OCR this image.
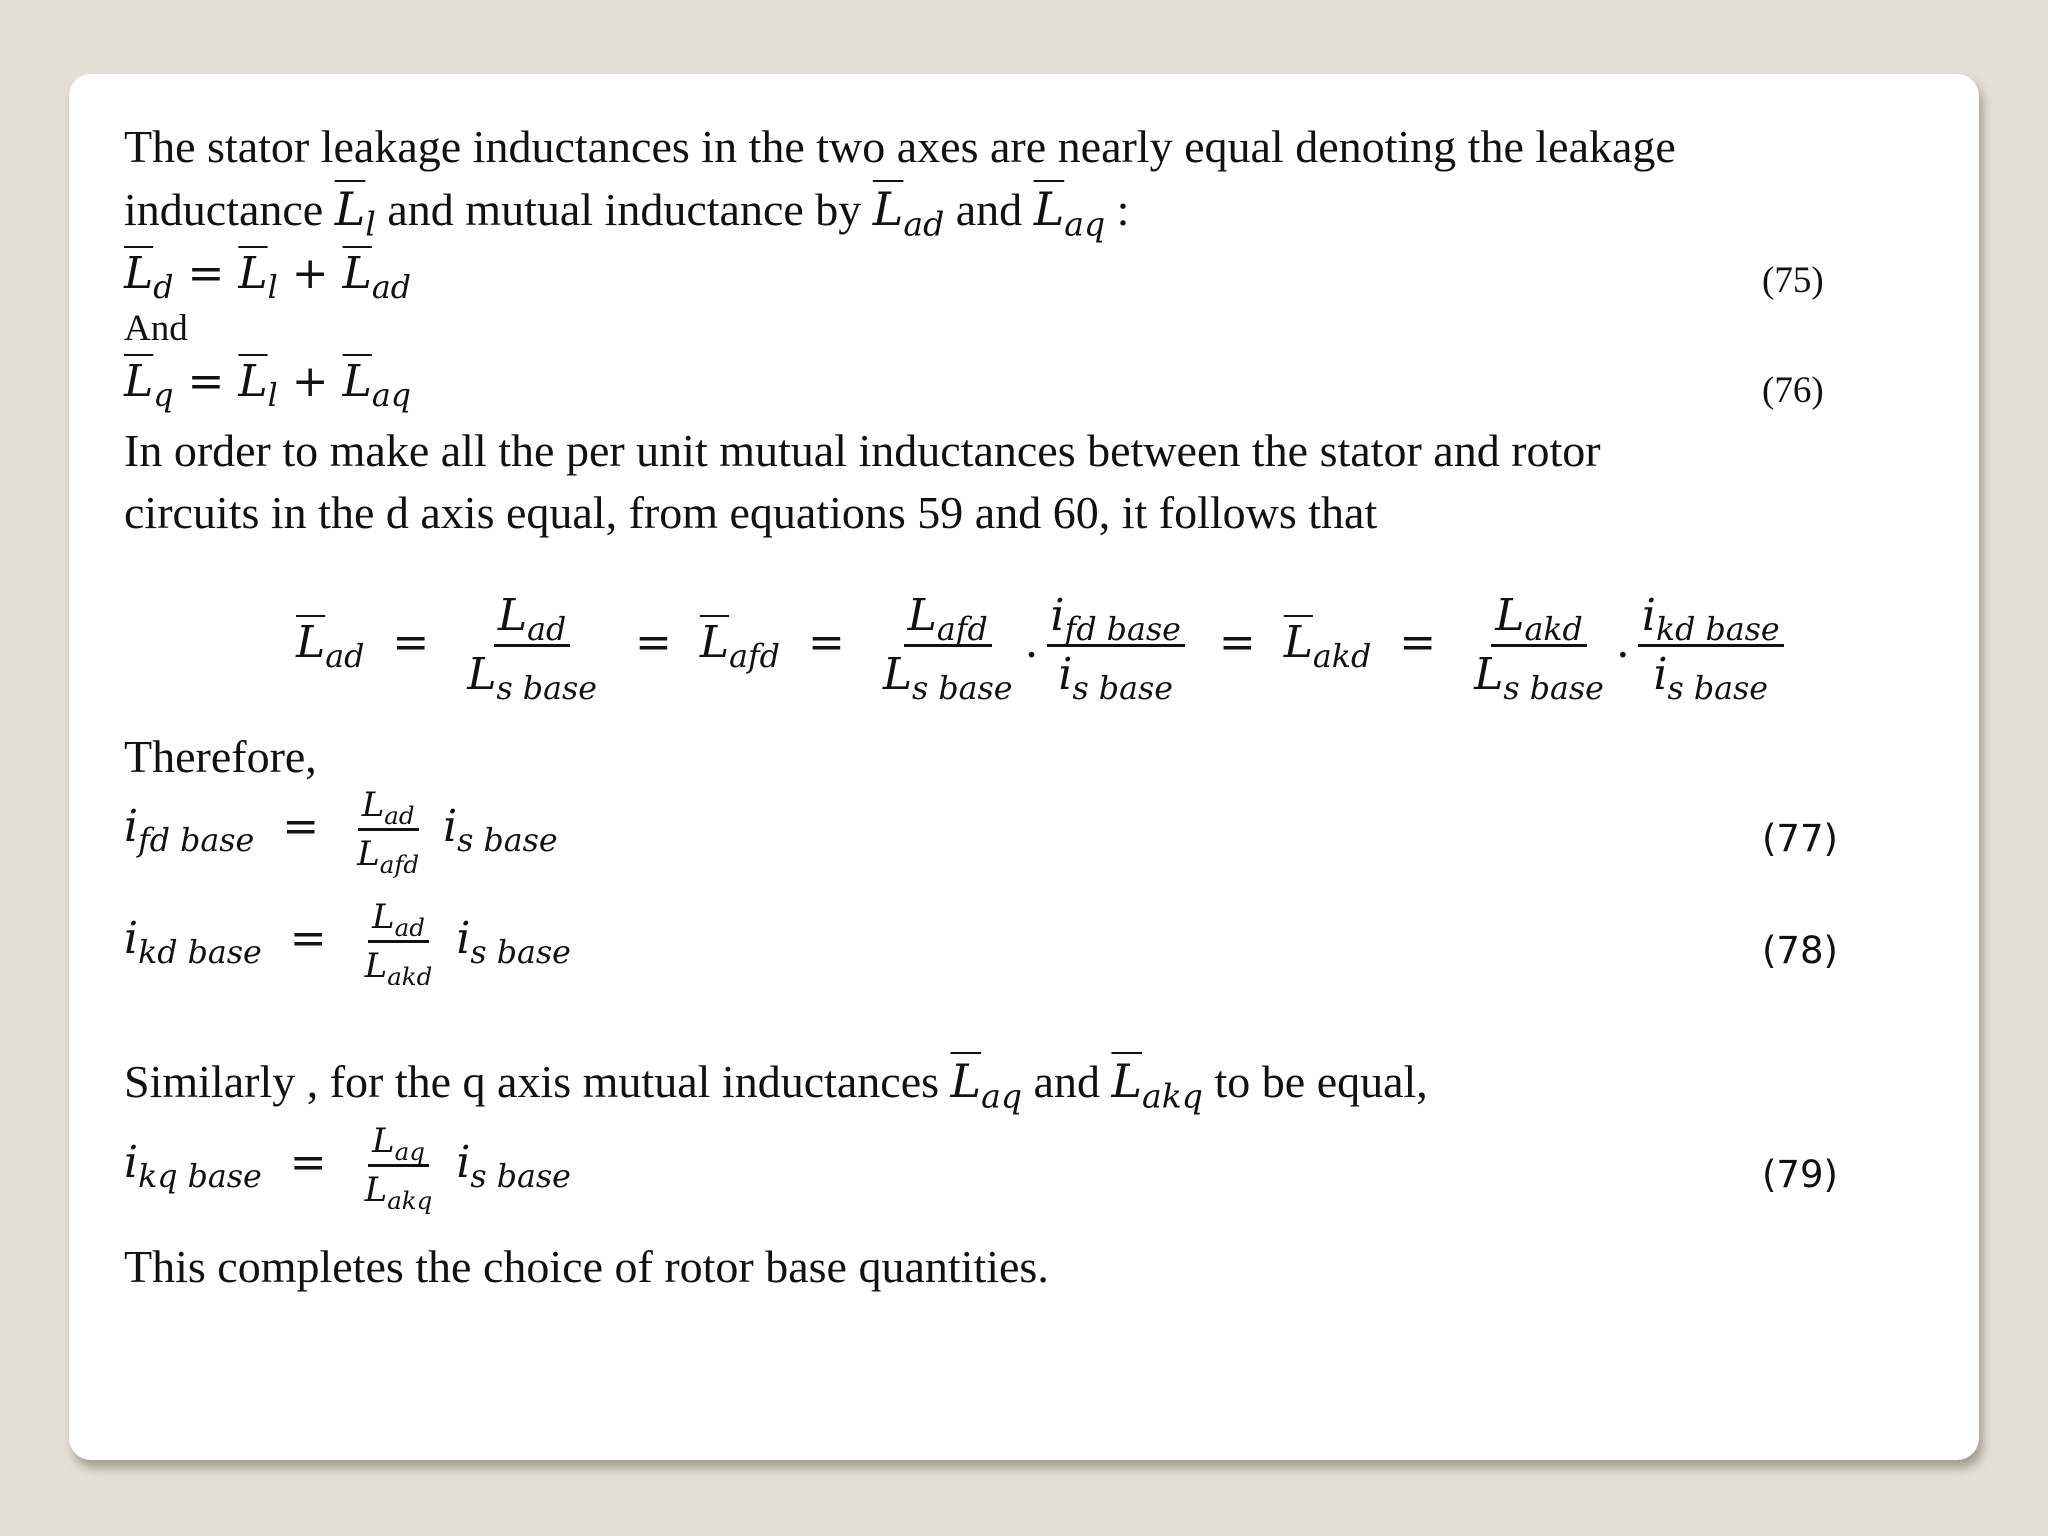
The stator leakage inductances in the two axes are nearly equal denoting the leakage
inductance $\overline{L}_l$ and mutual inductance by $\overline{L}_{ad}$ and $\overline{L}_{aq}$ :
$\overline{L}_d = \overline{L}_l + \overline{L}_{ad}$	(75)
And
$\overline{L}_q = \overline{L}_l + \overline{L}_{aq}$	(76)
In order to make all the per unit mutual inductances between the stator and rotor
circuits in the d axis equal, from equations 59 and 60, it follows that
$\overline{L}_{ad} = \frac{L_{ad}}{L_{s base}} = \overline{L}_{afd} = \frac{L_{afd}}{L_{s base}}$ . $\frac{i_{fd base}}{i_{s base}} = \overline{L}_{akd} = \frac{L_{akd}}{L_{s base}}$ . $\frac{i_{kd base}}{i_{s base}}$
Therefore,
$i_{fd base} = \frac{L_{ad}}{L_{afd}} i_{s base}$	(77)
$i_{kd base} = \frac{L_{ad}}{L_{akd}} i_{s base}$	(78)
Similarly , for the q axis mutual inductances $\overline{L}_{aq}$ and $\overline{L}_{akq}$ to be equal,
$i_{kq base} = \frac{L_{aq}}{L_{akq}} i_{s base}$	(79)
This completes the choice of rotor base quantities.
